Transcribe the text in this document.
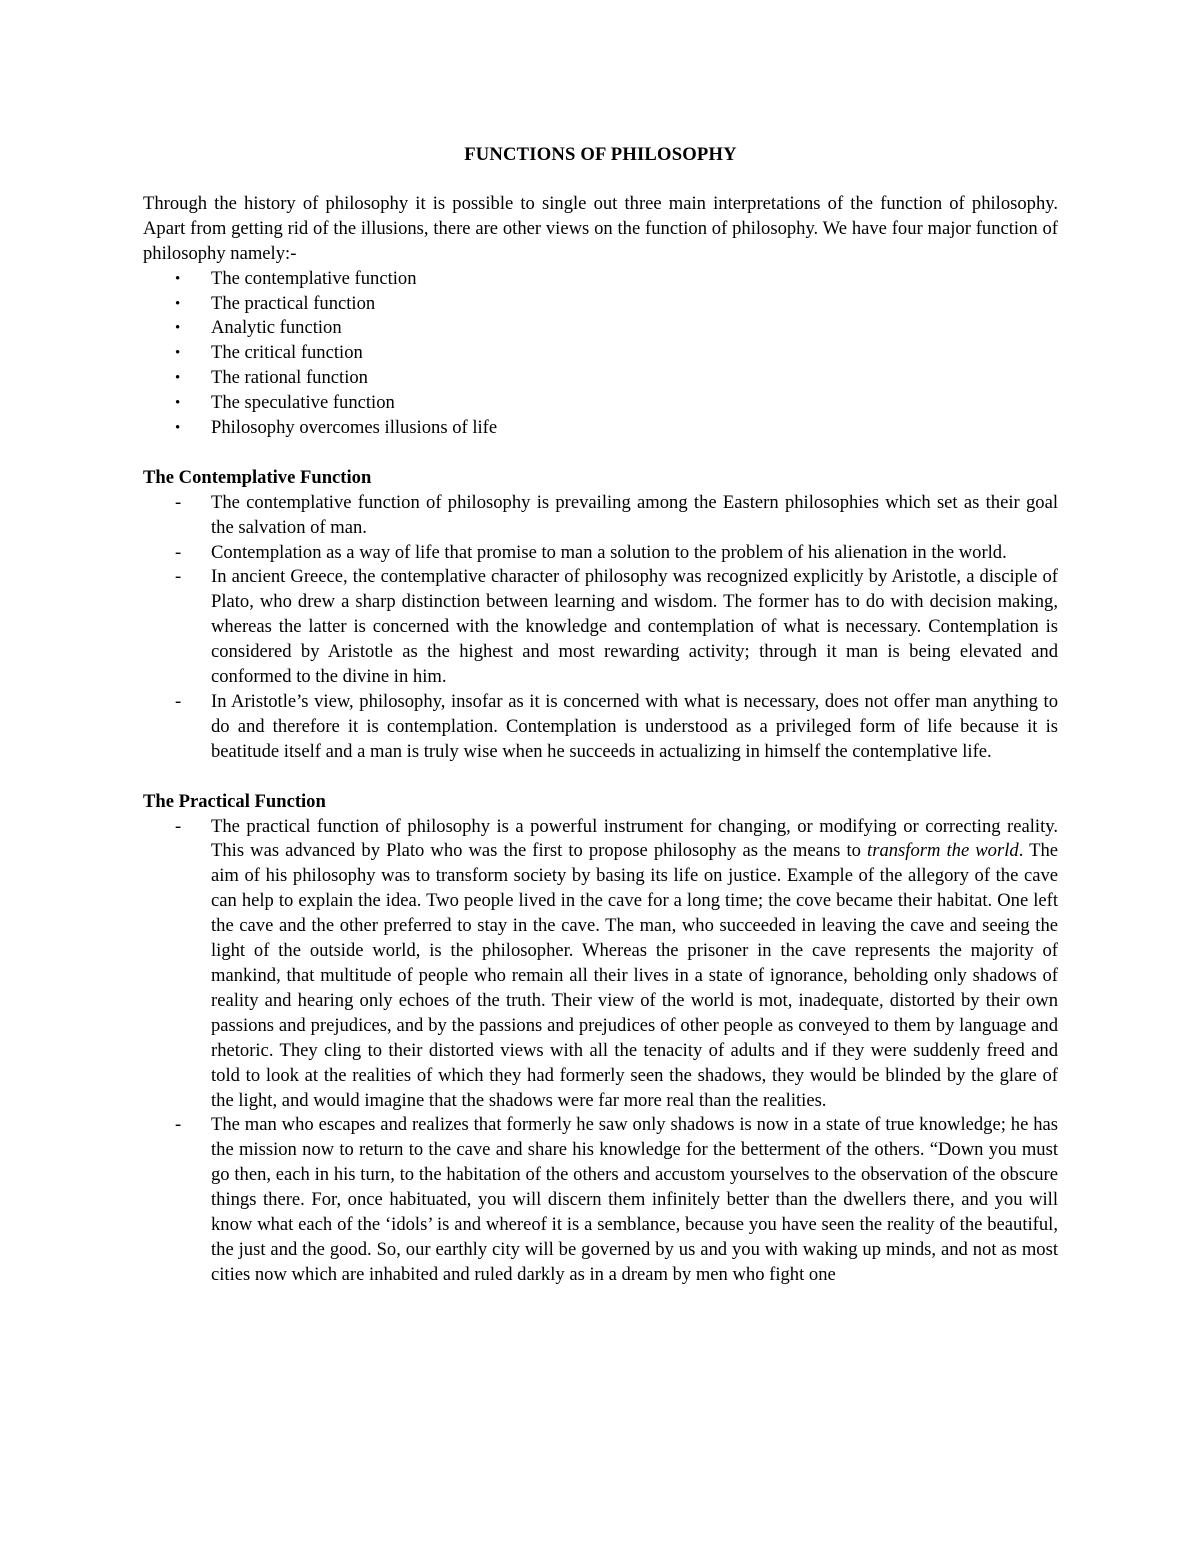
FUNCTIONS OF PHILOSOPHY

Through the history of philosophy it is possible to single out three main interpretations of the function of philosophy. Apart from getting rid of the illusions, there are other views on the function of philosophy. We have four major function of philosophy namely:-

• The contemplative function
• The practical function
• Analytic function
• The critical function
• The rational function
• The speculative function
• Philosophy overcomes illusions of life
The Contemplative Function
- The contemplative function of philosophy is prevailing among the Eastern philosophies which set as their goal the salvation of man.
- Contemplation as a way of life that promise to man a solution to the problem of his alienation in the world.
- In ancient Greece, the contemplative character of philosophy was recognized explicitly by Aristotle, a disciple of Plato, who drew a sharp distinction between learning and wisdom. The former has to do with decision making, whereas the latter is concerned with the knowledge and contemplation of what is necessary. Contemplation is considered by Aristotle as the highest and most rewarding activity; through it man is being elevated and conformed to the divine in him.
- In Aristotle’s view, philosophy, insofar as it is concerned with what is necessary, does not offer man anything to do and therefore it is contemplation. Contemplation is understood as a privileged form of life because it is beatitude itself and a man is truly wise when he succeeds in actualizing in himself the contemplative life.
The Practical Function
- The practical function of philosophy is a powerful instrument for changing, or modifying or correcting reality. This was advanced by Plato who was the first to propose philosophy as the means to transform the world. The aim of his philosophy was to transform society by basing its life on justice. Example of the allegory of the cave can help to explain the idea. Two people lived in the cave for a long time; the cove became their habitat. One left the cave and the other preferred to stay in the cave. The man, who succeeded in leaving the cave and seeing the light of the outside world, is the philosopher. Whereas the prisoner in the cave represents the majority of mankind, that multitude of people who remain all their lives in a state of ignorance, beholding only shadows of reality and hearing only echoes of the truth. Their view of the world is mot, inadequate, distorted by their own passions and prejudices, and by the passions and prejudices of other people as conveyed to them by language and rhetoric. They cling to their distorted views with all the tenacity of adults and if they were suddenly freed and told to look at the realities of which they had formerly seen the shadows, they would be blinded by the glare of the light, and would imagine that the shadows were far more real than the realities.
- The man who escapes and realizes that formerly he saw only shadows is now in a state of true knowledge; he has the mission now to return to the cave and share his knowledge for the betterment of the others. “Down you must go then, each in his turn, to the habitation of the others and accustom yourselves to the observation of the obscure things there. For, once habituated, you will discern them infinitely better than the dwellers there, and you will know what each of the ‘idols’ is and whereof it is a semblance, because you have seen the reality of the beautiful, the just and the good. So, our earthly city will be governed by us and you with waking up minds, and not as most cities now which are inhabited and ruled darkly as in a dream by men who fight one
